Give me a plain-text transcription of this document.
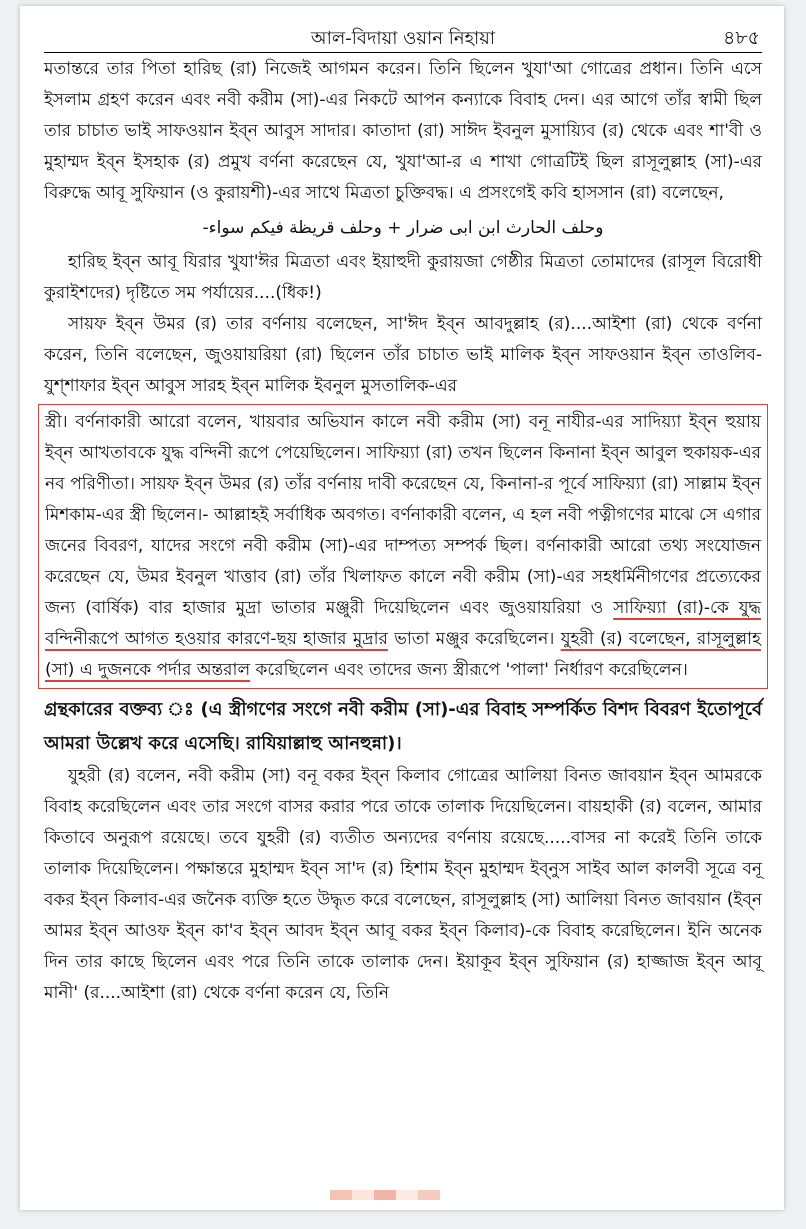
আল-বিদায়া ওয়ান নিহায়া	৪৮৫

মতান্তরে তার পিতা হারিছ (রা) নিজেই আগমন করেন। তিনি ছিলেন খুযা'আ গোত্রের প্রধান। তিনি এসে ইসলাম গ্রহণ করেন এবং নবী করীম (সা)-এর নিকটে আপন কন্যাকে বিবাহ দেন। এর আগে তাঁর স্বামী ছিল তার চাচাত ভাই সাফওয়ান ইব্ন আবুস সাদার। কাতাদা (রা) সাঈদ ইবনুল মুসায়্যিব (র) থেকে এবং শা'বী ও মুহাম্মদ ইব্ন ইসহাক (র) প্রমুখ বর্ণনা করেছেন যে, খুযা'আ-র এ শাখা গোত্রটিই ছিল রাসূলুল্লাহ (সা)-এর বিরুদ্ধে আবূ সুফিয়ান (ও কুরায়শী)-এর সাথে মিত্রতা চুক্তিবদ্ধ। এ প্রসংগেই কবি হাসসান (রা) বলেছেন,

وحلف الحارث ابن ابى ضرار + وحلف قريظة فيكم سواء-

হারিছ ইব্ন আবূ যিরার খুযা'ঈর মিত্রতা এবং ইয়াহুদী কুরায়জা গেষ্ঠীর মিত্রতা তোমাদের (রাসূল বিরোধী কুরাইশদের) দৃষ্টিতে সম পর্যায়ের....(ধিক!)

সায়ফ ইব্ন উমর (র) তার বর্ণনায় বলেছেন, সা'ঈদ ইব্ন আবদুল্লাহ (র)....আইশা (রা) থেকে বর্ণনা করেন, তিনি বলেছেন, জুওয়ায়রিয়া (রা) ছিলেন তাঁর চাচাত ভাই মালিক ইব্ন সাফওয়ান ইব্ন তাওলিব- যুশ্‌শাফার ইব্ন আবুস সারহ ইব্ন মালিক ইবনুল মুসতালিক-এর

স্ত্রী। বর্ণনাকারী আরো বলেন, খায়বার অভিযান কালে নবী করীম (সা) বনূ নাযীর-এর সাদিয়্যা ইব্ন হুয়ায় ইব্ন আখতাবকে যুদ্ধ বন্দিনী রূপে পেয়েছিলেন। সাফিয়্যা (রা) তখন ছিলেন কিনানা ইব্ন আবুল হুকায়ক-এর নব পরিণীতা। সায়ফ ইব্ন উমর (র) তাঁর বর্ণনায় দাবী করেছেন যে, কিনানা-র পূর্বে সাফিয়্যা (রা) সাল্লাম ইব্ন মিশকাম-এর স্ত্রী ছিলেন।- আল্লাহই সর্বাধিক অবগত। বর্ণনাকারী বলেন, এ হল নবী পত্নীগণের মাঝে সে এগার জনের বিবরণ, যাদের সংগে নবী করীম (সা)-এর দাম্পত্য সম্পর্ক ছিল। বর্ণনাকারী আরো তথ্য সংযোজন করেছেন যে, উমর ইবনুল খাত্তাব (রা) তাঁর খিলাফত কালে নবী করীম (সা)-এর সহধর্মিনীগণের প্রত্যেকের জন্য (বার্ষিক) বার হাজার মুদ্রা ভাতার মঞ্জুরী দিয়েছিলেন এবং জুওয়ায়রিয়া ও সাফিয়্যা (রা)-কে যুদ্ধ বন্দিনীরূপে আগত হওয়ার কারণে-ছয় হাজার মুদ্রার ভাতা মঞ্জুর করেছিলেন। যুহরী (র) বলেছেন, রাসূলুল্লাহ (সা) এ দুজনকে পর্দার অন্তরাল করেছিলেন এবং তাদের জন্য স্ত্রীরূপে 'পালা' নির্ধারণ করেছিলেন।

গ্রন্থকারের বক্তব্য ঃ (এ স্ত্রীগণের সংগে নবী করীম (সা)-এর বিবাহ সম্পর্কিত বিশদ বিবরণ ইতোপূর্বে আমরা উল্লেখ করে এসেছি। রাযিয়াল্লাহু আনহুন্না)।

যুহরী (র) বলেন, নবী করীম (সা) বনূ বকর ইব্ন কিলাব গোত্রের আলিয়া বিনত জাবয়ান ইব্ন আমরকে বিবাহ করেছিলেন এবং তার সংগে বাসর করার পরে তাকে তালাক দিয়েছিলেন। বায়হাকী (র) বলেন, আমার কিতাবে অনুরূপ রয়েছে। তবে যুহরী (র) ব্যতীত অন্যদের বর্ণনায় রয়েছে.....বাসর না করেই তিনি তাকে তালাক দিয়েছিলেন। পক্ষান্তরে মুহাম্মদ ইব্ন সা'দ (র) হিশাম ইব্ন মুহাম্মদ ইব্নুস সাইব আল কালবী সূত্রে বনূ বকর ইব্ন কিলাব-এর জনৈক ব্যক্তি হতে উদ্ধৃত করে বলেছেন, রাসূলুল্লাহ (সা) আলিয়া বিনত জাবয়ান (ইব্ন আমর ইব্ন আওফ ইব্ন কা'ব ইব্ন আবদ ইব্ন আবূ বকর ইব্ন কিলাব)-কে বিবাহ করেছিলেন। ইনি অনেক দিন তার কাছে ছিলেন এবং পরে তিনি তাকে তালাক দেন। ইয়াকূব ইব্ন সুফিয়ান (র) হাজ্জাজ ইব্ন আবূ মানী' (র....আইশা (রা) থেকে বর্ণনা করেন যে, তিনি
